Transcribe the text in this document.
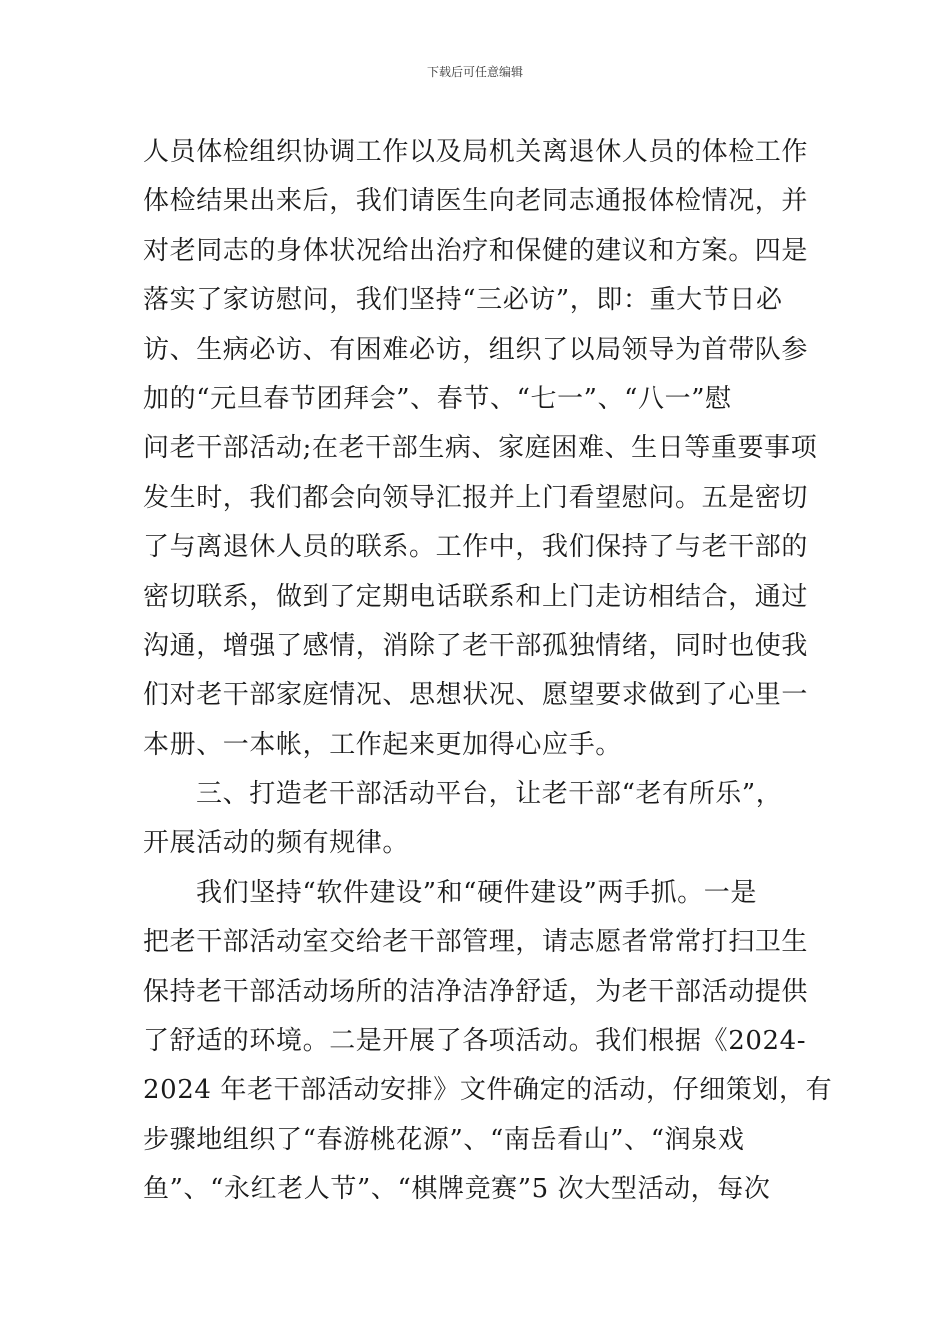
下载后可任意编辑
人员体检组织协调工作以及局机关离退休人员的体检工作
体检结果出来后，我们请医生向老同志通报体检情况，并
对老同志的身体状况给出治疗和保健的建议和方案。四是
落实了家访慰问，我们坚持“三必访”，即：重大节日必
访、生病必访、有困难必访，组织了以局领导为首带队参
加的“元旦春节团拜会”、春节、“七一”、“八一”慰
问老干部活动;在老干部生病、家庭困难、生日等重要事项
发生时，我们都会向领导汇报并上门看望慰问。五是密切
了与离退休人员的联系。工作中，我们保持了与老干部的
密切联系，做到了定期电话联系和上门走访相结合，通过
沟通，增强了感情，消除了老干部孤独情绪，同时也使我
们对老干部家庭情况、思想状况、愿望要求做到了心里一
本册、一本帐，工作起来更加得心应手。
三、打造老干部活动平台，让老干部“老有所乐”，
开展活动的频有规律。
我们坚持“软件建设”和“硬件建设”两手抓。一是
把老干部活动室交给老干部管理，请志愿者常常打扫卫生
保持老干部活动场所的洁净洁净舒适，为老干部活动提供
了舒适的环境。二是开展了各项活动。我们根据《2024-
2024 年老干部活动安排》文件确定的活动，仔细策划，有
步骤地组织了“春游桃花源”、“南岳看山”、“润泉戏
鱼”、“永红老人节”、“棋牌竞赛”5 次大型活动，每次
